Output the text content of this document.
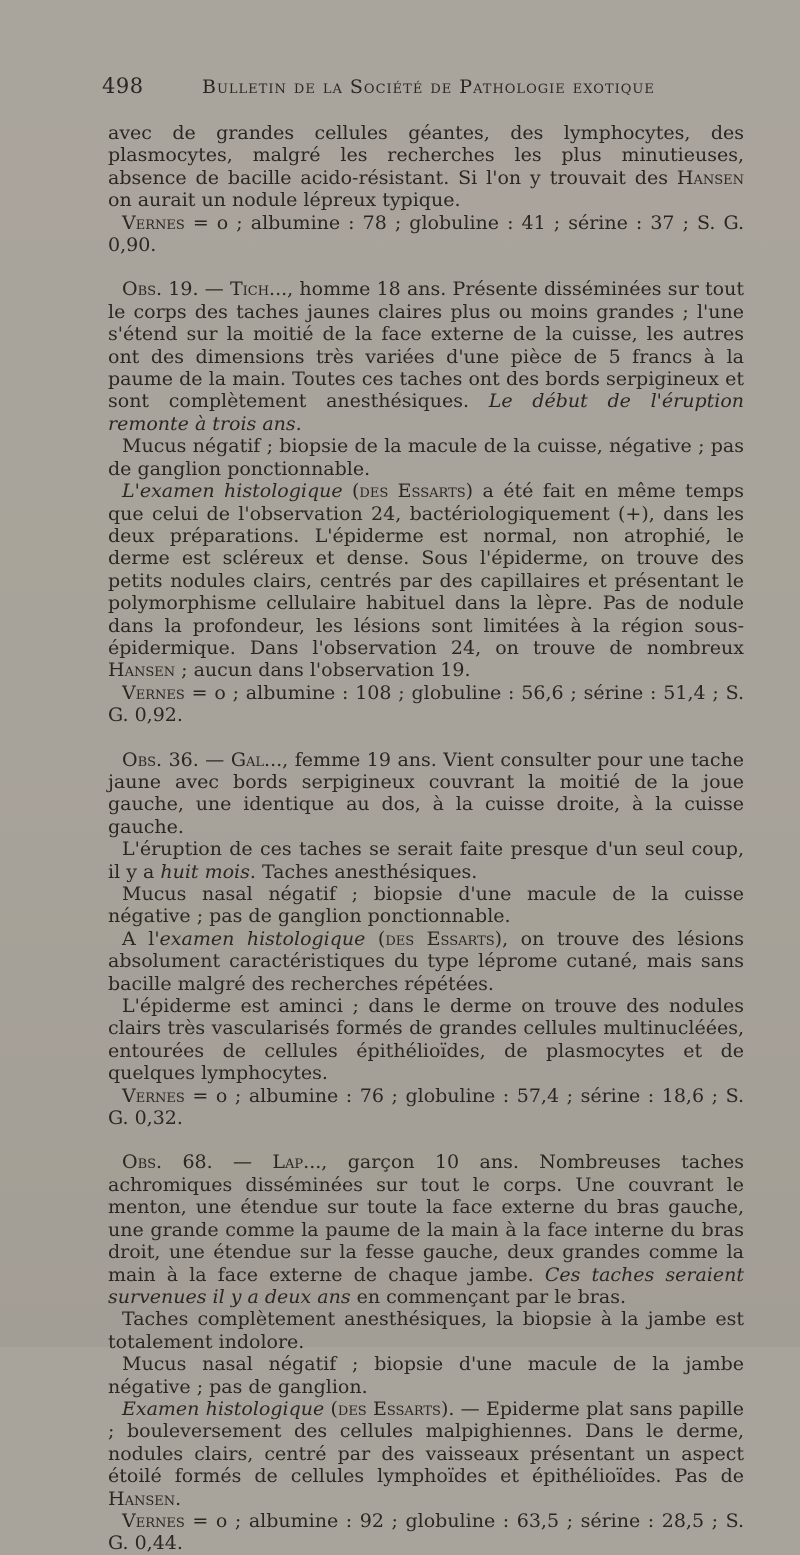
498	Bulletin de la Société de Pathologie exotique

avec de grandes cellules géantes, des lymphocytes, des plasmocytes, malgré les recherches les plus minutieuses, absence de bacille acido-résistant. Si l'on y trouvait des Hansen on aurait un nodule lépreux typique.

Vernes = o ; albumine : 78 ; globuline : 41 ; sérine : 37 ; S. G. 0,90.

Obs. 19. — Tich..., homme 18 ans. Présente disséminées sur tout le corps des taches jaunes claires plus ou moins grandes ; l'une s'étend sur la moitié de la face externe de la cuisse, les autres ont des dimensions très variées d'une pièce de 5 francs à la paume de la main. Toutes ces taches ont des bords serpigineux et sont complètement anesthésiques. Le début de l'éruption remonte à trois ans.

Mucus négatif ; biopsie de la macule de la cuisse, négative ; pas de ganglion ponctionnable.

L'examen histologique (des Essarts) a été fait en même temps que celui de l'observation 24, bactériologiquement (+), dans les deux préparations. L'épiderme est normal, non atrophié, le derme est scléreux et dense. Sous l'épiderme, on trouve des petits nodules clairs, centrés par des capillaires et présentant le polymorphisme cellulaire habituel dans la lèpre. Pas de nodule dans la profondeur, les lésions sont limitées à la région sous-épidermique. Dans l'observation 24, on trouve de nombreux Hansen ; aucun dans l'observation 19.

Vernes = o ; albumine : 108 ; globuline : 56,6 ; sérine : 51,4 ; S. G. 0,92.

Obs. 36. — Gal..., femme 19 ans. Vient consulter pour une tache jaune avec bords serpigineux couvrant la moitié de la joue gauche, une identique au dos, à la cuisse droite, à la cuisse gauche.

L'éruption de ces taches se serait faite presque d'un seul coup, il y a huit mois. Taches anesthésiques.

Mucus nasal négatif ; biopsie d'une macule de la cuisse négative ; pas de ganglion ponctionnable.

A l'examen histologique (des Essarts), on trouve des lésions absolument caractéristiques du type léprome cutané, mais sans bacille malgré des recherches répétées.

L'épiderme est aminci ; dans le derme on trouve des nodules clairs très vascularisés formés de grandes cellules multinucléées, entourées de cellules épithélioïdes, de plasmocytes et de quelques lymphocytes.

Vernes = o ; albumine : 76 ; globuline : 57,4 ; sérine : 18,6 ; S. G. 0,32.

Obs. 68. — Lap..., garçon 10 ans. Nombreuses taches achromiques disséminées sur tout le corps. Une couvrant le menton, une étendue sur toute la face externe du bras gauche, une grande comme la paume de la main à la face interne du bras droit, une étendue sur la fesse gauche, deux grandes comme la main à la face externe de chaque jambe. Ces taches seraient survenues il y a deux ans en commençant par le bras.

Taches complètement anesthésiques, la biopsie à la jambe est totalement indolore.

Mucus nasal négatif ; biopsie d'une macule de la jambe négative ; pas de ganglion.

Examen histologique (des Essarts). — Epiderme plat sans papille ; bouleversement des cellules malpighiennes. Dans le derme, nodules clairs, centré par des vaisseaux présentant un aspect étoilé formés de cellules lymphoïdes et épithélioïdes. Pas de Hansen.

Vernes = o ; albumine : 92 ; globuline : 63,5 ; sérine : 28,5 ; S. G. 0,44.
